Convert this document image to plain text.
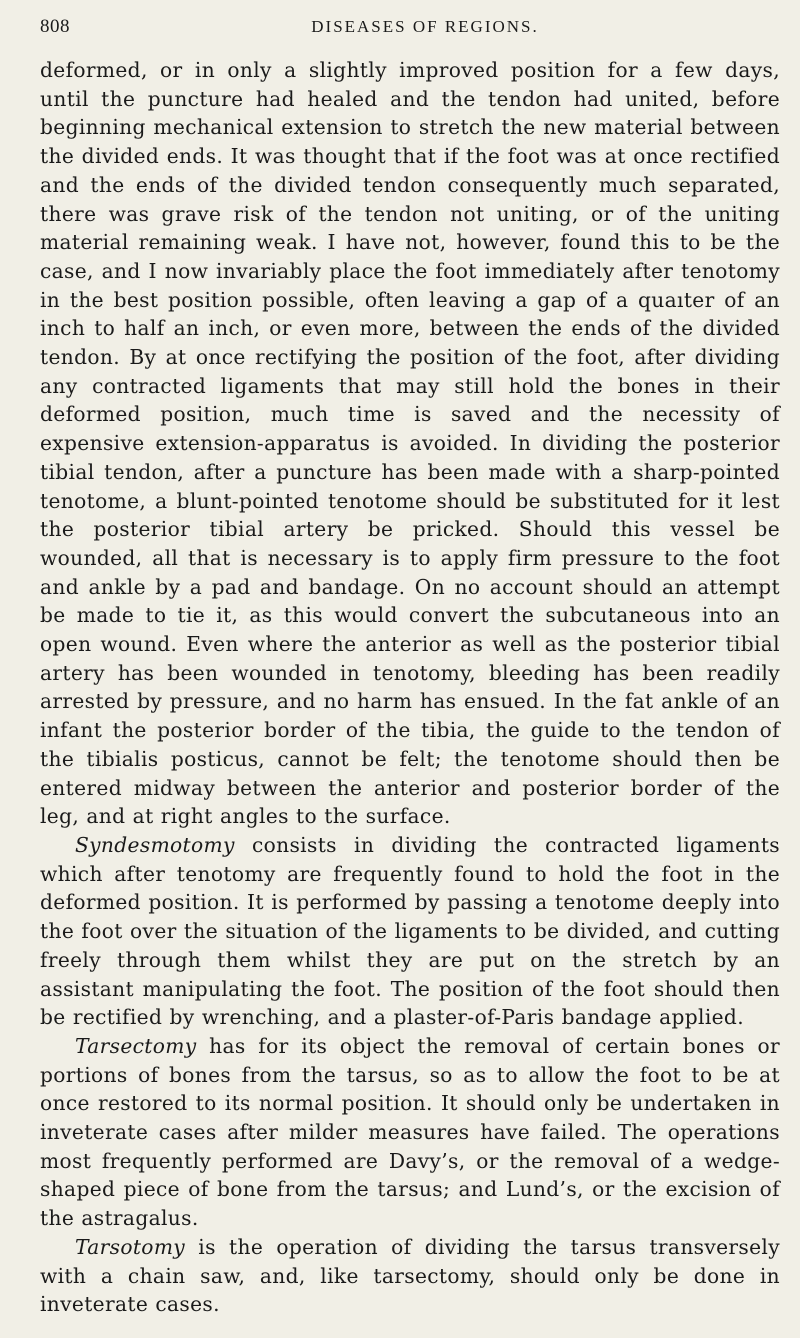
808	DISEASES OF REGIONS.

deformed, or in only a slightly improved position for a few days, until the puncture had healed and the tendon had united, before beginning mechanical extension to stretch the new material between the divided ends. It was thought that if the foot was at once rectified and the ends of the divided tendon consequently much separated, there was grave risk of the tendon not uniting, or of the uniting material remaining weak. I have not, however, found this to be the case, and I now invariably place the foot immediately after tenotomy in the best position possible, often leaving a gap of a quaıter of an inch to half an inch, or even more, between the ends of the divided tendon. By at once rectifying the position of the foot, after dividing any contracted ligaments that may still hold the bones in their deformed position, much time is saved and the necessity of expensive extension-apparatus is avoided. In dividing the posterior tibial tendon, after a puncture has been made with a sharp-pointed tenotome, a blunt-pointed tenotome should be substituted for it lest the posterior tibial artery be pricked. Should this vessel be wounded, all that is necessary is to apply firm pressure to the foot and ankle by a pad and bandage. On no account should an attempt be made to tie it, as this would convert the subcutaneous into an open wound. Even where the anterior as well as the posterior tibial artery has been wounded in tenotomy, bleeding has been readily arrested by pressure, and no harm has ensued. In the fat ankle of an infant the posterior border of the tibia, the guide to the tendon of the tibialis posticus, cannot be felt; the tenotome should then be entered midway between the anterior and posterior border of the leg, and at right angles to the surface.

Syndesmotomy consists in dividing the contracted ligaments which after tenotomy are frequently found to hold the foot in the deformed position. It is performed by passing a tenotome deeply into the foot over the situation of the ligaments to be divided, and cutting freely through them whilst they are put on the stretch by an assistant manipulating the foot. The position of the foot should then be rectified by wrenching, and a plaster-of-Paris bandage applied.

Tarsectomy has for its object the removal of certain bones or portions of bones from the tarsus, so as to allow the foot to be at once restored to its normal position. It should only be undertaken in inveterate cases after milder measures have failed. The operations most frequently performed are Davy’s, or the removal of a wedge-shaped piece of bone from the tarsus; and Lund’s, or the excision of the astragalus.

Tarsotomy is the operation of dividing the tarsus transversely with a chain saw, and, like tarsectomy, should only be done in inveterate cases.
